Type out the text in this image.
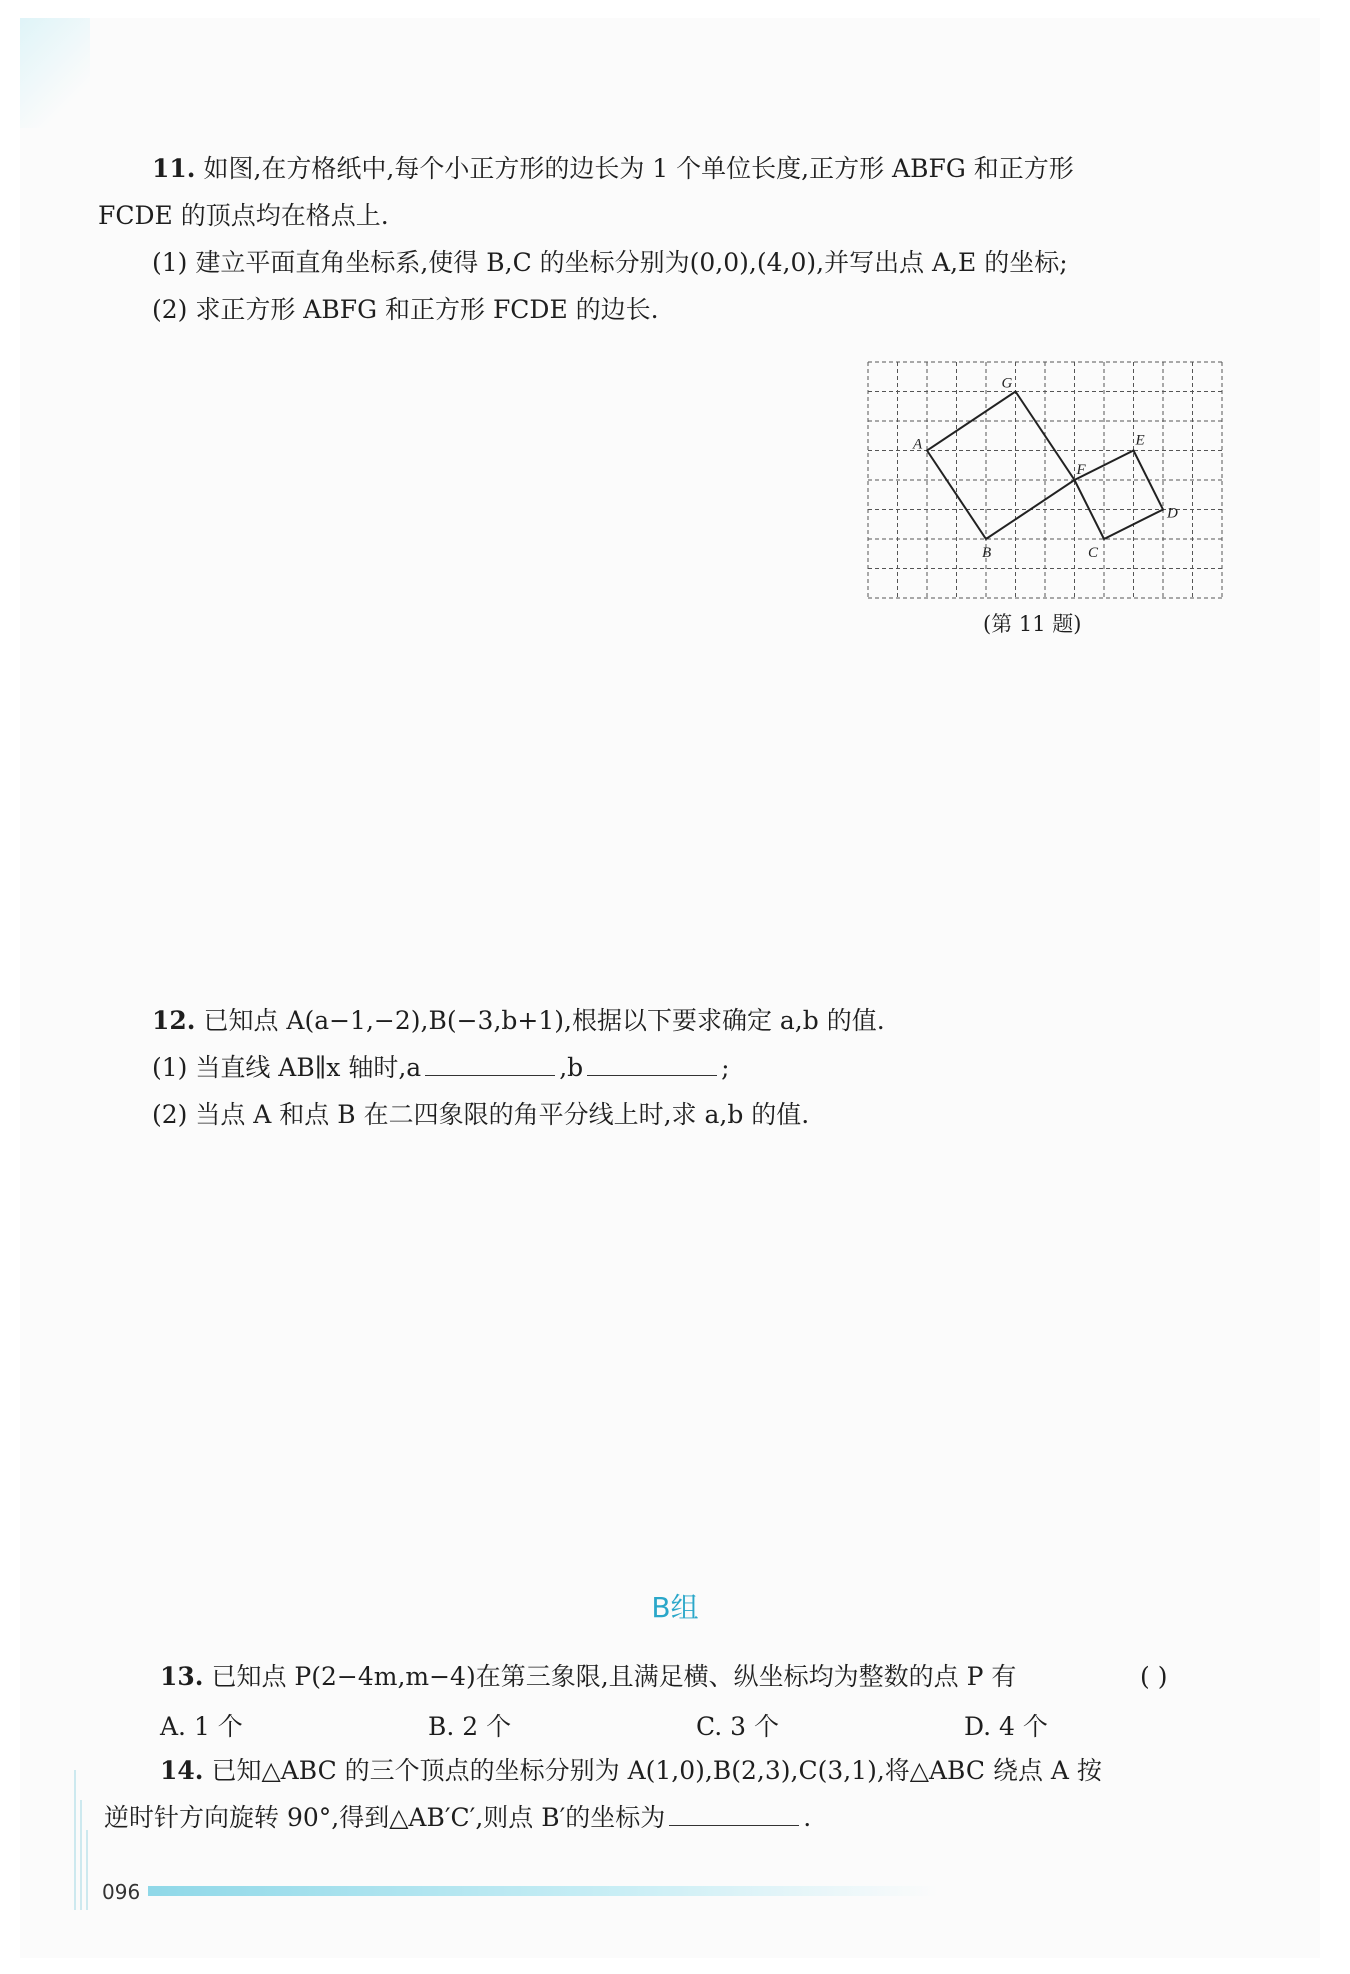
11. 如图,在方格纸中,每个小正方形的边长为 1 个单位长度,正方形 ABFG 和正方形
FCDE 的顶点均在格点上.
(1) 建立平面直角坐标系,使得 B,C 的坐标分别为(0,0),(4,0),并写出点 A,E 的坐标;
(2) 求正方形 ABFG 和正方形 FCDE 的边长.
A
B	C
D
E
F
G
(第 11 题)
12. 已知点 A(a−1,−2),B(−3,b+1),根据以下要求确定 a,b 的值.
(1) 当直线 AB∥x 轴时,a	,b	;
(2) 当点 A 和点 B 在二四象限的角平分线上时,求 a,b 的值.
B组
13. 已知点 P(2−4m,m−4)在第三象限,且满足横、纵坐标均为整数的点 P 有	( )
A. 1 个	B. 2 个	C. 3 个	D. 4 个
14. 已知△ABC 的三个顶点的坐标分别为 A(1,0),B(2,3),C(3,1),将△ABC 绕点 A 按
逆时针方向旋转 90°,得到△AB′C′,则点 B′的坐标为	.
096
